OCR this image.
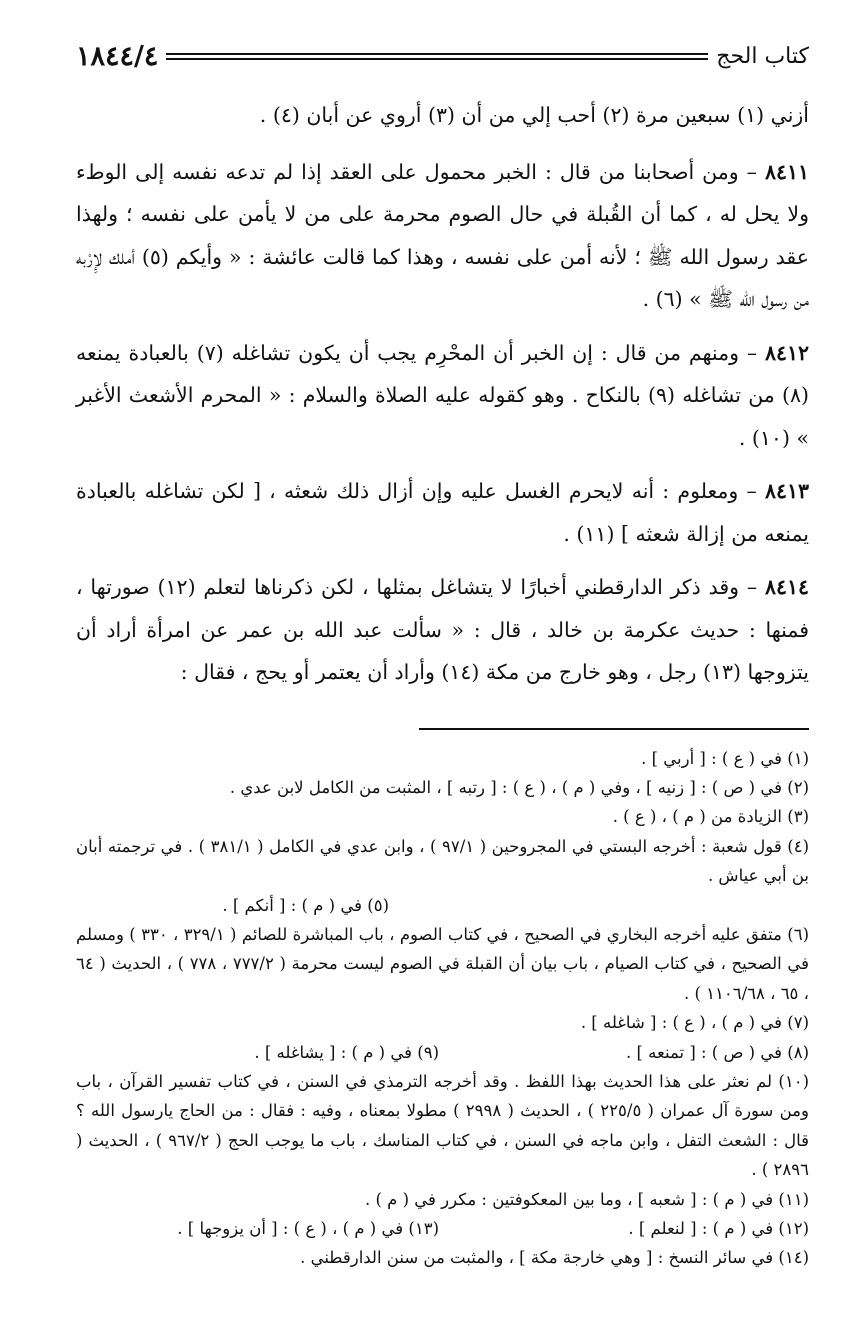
كتاب الحج
١٨٤٤/٤

أزني (١) سبعين مرة (٢) أحب إلي من أن (٣) أروي عن أبان (٤) .

٨٤١١ – ومن أصحابنا من قال : الخبر محمول على العقد إذا لم تدعه نفسه إلى الوطء ولا يحل له ، كما أن القُبلة في حال الصوم محرمة على من لا يأمن على نفسه ؛ ولهذا عقد رسول الله ﷺ ؛ لأنه أمن على نفسه ، وهذا كما قالت عائشة : « وأيكم (٥) أملك لإِرْبه من رسول الله ﷺ » (٦) .

٨٤١٢ – ومنهم من قال : إن الخبر أن المحْرِم يجب أن يكون تشاغله (٧) بالعبادة يمنعه (٨) من تشاغله (٩) بالنكاح . وهو كقوله عليه الصلاة والسلام : « المحرم الأشعث الأغبر » (١٠) .

٨٤١٣ – ومعلوم : أنه لايحرم الغسل عليه وإن أزال ذلك شعثه ، [ لكن تشاغله بالعبادة يمنعه من إزالة شعثه ] (١١) .

٨٤١٤ – وقد ذكر الدارقطني أخبارًا لا يتشاغل بمثلها ، لكن ذكرناها لتعلم (١٢) صورتها ، فمنها : حديث عكرمة بن خالد ، قال : « سألت عبد الله بن عمر عن امرأة أراد أن يتزوجها (١٣) رجل ، وهو خارج من مكة (١٤) وأراد أن يعتمر أو يحج ، فقال :

(١) في ( ع ) : [ أربي ] .

(٢) في ( ص ) : [ زنيه ] ، وفي ( م ) ، ( ع ) : [ رتبه ] ، المثبت من الكامل لابن عدي .

(٣) الزيادة من ( م ) ، ( ع ) .

(٤) قول شعبة : أخرجه البستي في المجروحين ( ٩٧/١ ) ، وابن عدي في الكامل ( ٣٨١/١ ) . في ترجمته أبان بن أبي عياش .

(٥) في ( م ) : [ أنكم ] .

(٦) متفق عليه أخرجه البخاري في الصحيح ، في كتاب الصوم ، باب المباشرة للصائم ( ٣٢٩/١ ، ٣٣٠ ) ومسلم في الصحيح ، في كتاب الصيام ، باب بيان أن القبلة في الصوم ليست محرمة ( ٧٧٧/٢ ، ٧٧٨ ) ، الحديث ( ٦٤ ، ٦٥ ، ١١٠٦/٦٨ ) .

(٧) في ( م ) ، ( ع ) : [ شاغله ] .

(٨) في ( ص ) : [ تمنعه ] .

(٩) في ( م ) : [ يشاغله ] .

(١٠) لم نعثر على هذا الحديث بهذا اللفظ . وقد أخرجه الترمذي في السنن ، في كتاب تفسير القرآن ، باب ومن سورة آل عمران ( ٢٢٥/٥ ) ، الحديث ( ٢٩٩٨ ) مطولا بمعناه ، وفيه : فقال : من الحاج يارسول الله ؟ قال : الشعث التفل ، وابن ماجه في السنن ، في كتاب المناسك ، باب ما يوجب الحج ( ٩٦٧/٢ ) ، الحديث ( ٢٨٩٦ ) .

(١١) في ( م ) : [ شعبه ] ، وما بين المعكوفتين : مكرر في ( م ) .

(١٢) في ( م ) : [ لنعلم ] .

(١٣) في ( م ) ، ( ع ) : [ أن يزوجها ] .

(١٤) في سائر النسخ : [ وهي خارجة مكة ] ، والمثبت من سنن الدارقطني .
